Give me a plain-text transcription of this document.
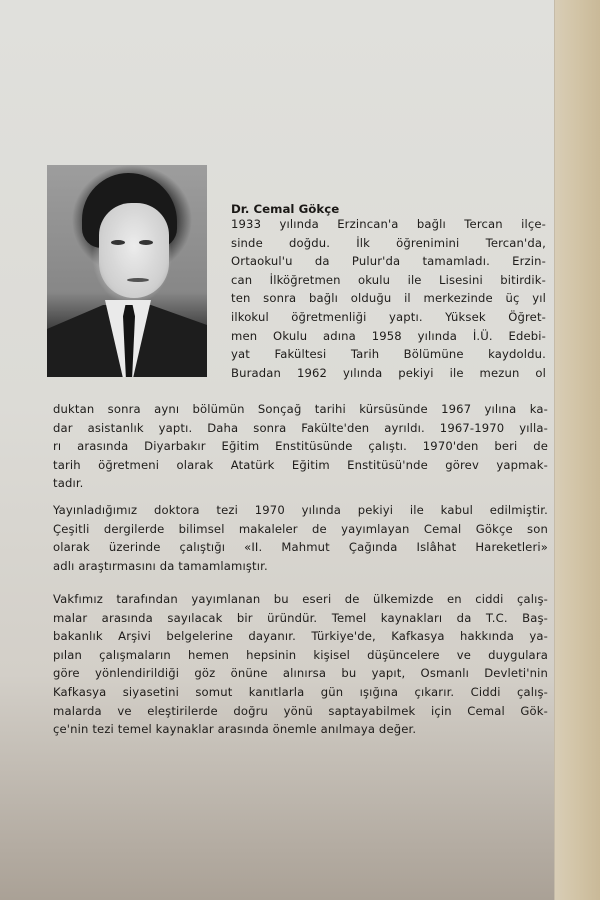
Dr. Cemal Gökçe
1933 yılında Erzincan'a bağlı Tercan ilçe-
sinde doğdu. İlk öğrenimini Tercan'da,
Ortaokul'u da Pulur'da tamamladı. Erzin-
can İlköğretmen okulu ile Lisesini bitirdik-
ten sonra bağlı olduğu il merkezinde üç yıl
ilkokul öğretmenliği yaptı. Yüksek Öğret-
men Okulu adına 1958 yılında İ.Ü. Edebi-
yat Fakültesi Tarih Bölümüne kaydoldu.
Buradan 1962 yılında pekiyi ile mezun ol
duktan sonra aynı bölümün Sonçağ tarihi kürsüsünde 1967 yılına ka-
dar asistanlık yaptı. Daha sonra Fakülte'den ayrıldı. 1967-1970 yılla-
rı arasında Diyarbakır Eğitim Enstitüsünde çalıştı. 1970'den beri de
tarih öğretmeni olarak Atatürk Eğitim Enstitüsü'nde görev yapmak-
tadır.
Yayınladığımız doktora tezi 1970 yılında pekiyi ile kabul edilmiştir.
Çeşitli dergilerde bilimsel makaleler de yayımlayan Cemal Gökçe son
olarak üzerinde çalıştığı «II. Mahmut Çağında Islâhat Hareketleri»
adlı araştırmasını da tamamlamıştır.
Vakfımız tarafından yayımlanan bu eseri de ülkemizde en ciddi çalış-
malar arasında sayılacak bir üründür. Temel kaynakları da T.C. Baş-
bakanlık Arşivi belgelerine dayanır. Türkiye'de, Kafkasya hakkında ya-
pılan çalışmaların hemen hepsinin kişisel düşüncelere ve duygulara
göre yönlendirildiği göz önüne alınırsa bu yapıt, Osmanlı Devleti'nin
Kafkasya siyasetini somut kanıtlarla gün ışığına çıkarır. Ciddi çalış-
malarda ve eleştirilerde doğru yönü saptayabilmek için Cemal Gök-
çe'nin tezi temel kaynaklar arasında önemle anılmaya değer.
